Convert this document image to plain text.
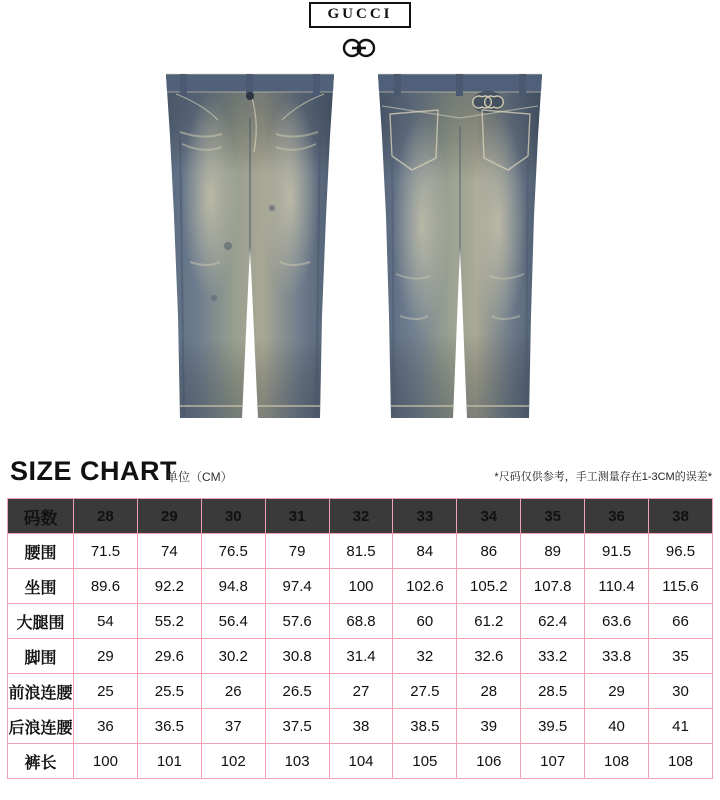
GUCCI
SIZE CHART
单位（CM）	*尺码仅供参考，手工测量存在1-3CM的误差*
码数	28	29	30	31	32	33	34	35	36	38
腰围	71.5	74	76.5	79	81.5	84	86	89	91.5	96.5
坐围	89.6	92.2	94.8	97.4	100	102.6	105.2	107.8	110.4	115.6
大腿围	54	55.2	56.4	57.6	68.8	60	61.2	62.4	63.6	66
脚围	29	29.6	30.2	30.8	31.4	32	32.6	33.2	33.8	35
前浪连腰	25	25.5	26	26.5	27	27.5	28	28.5	29	30
后浪连腰	36	36.5	37	37.5	38	38.5	39	39.5	40	41
裤长	100	101	102	103	104	105	106	107	108	108
